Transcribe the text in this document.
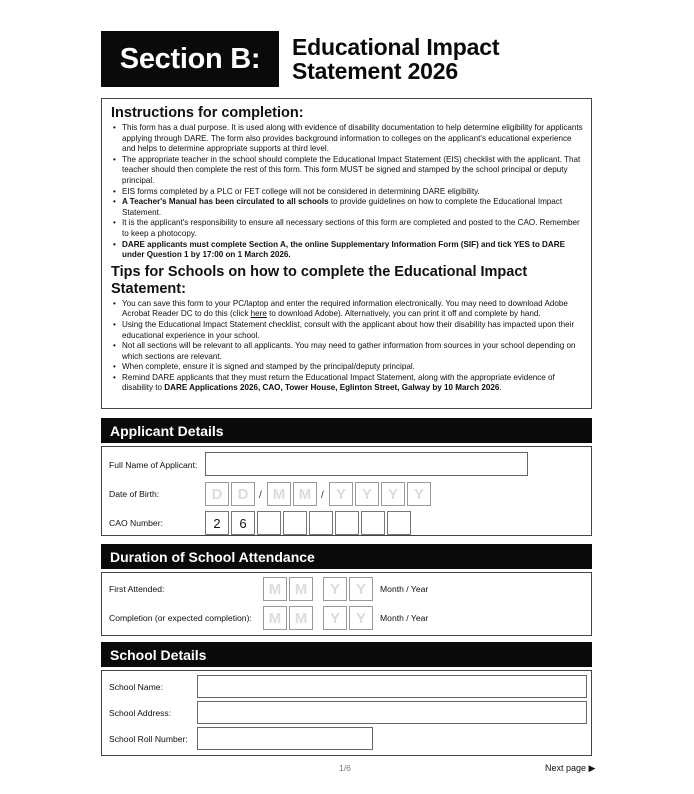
Section B:	Educational Impact
Statement 2026
Instructions for completion:
• This form has a dual purpose. It is used along with evidence of disability documentation to help determine eligibility for applicants applying through DARE. The form also provides background information to colleges on the applicant's educational experience and helps to determine appropriate supports at third level.
• The appropriate teacher in the school should complete the Educational Impact Statement (EIS) checklist with the applicant. That teacher should then complete the rest of this form. This form MUST be signed and stamped by the school principal or deputy principal.
• EIS forms completed by a PLC or FET college will not be considered in determining DARE eligibility.
• A Teacher's Manual has been circulated to all schools to provide guidelines on how to complete the Educational Impact Statement.
• It is the applicant's responsibility to ensure all necessary sections of this form are completed and posted to the CAO. Remember to keep a photocopy.
• DARE applicants must complete Section A, the online Supplementary Information Form (SIF) and tick YES to DARE under Question 1 by 17:00 on 1 March 2026.
Tips for Schools on how to complete the Educational Impact Statement:
• You can save this form to your PC/laptop and enter the required information electronically. You may need to download Adobe Acrobat Reader DC to do this (click here to download Adobe). Alternatively, you can print it off and complete by hand.
• Using the Educational Impact Statement checklist, consult with the applicant about how their disability has impacted upon their educational experience in your school.
• Not all sections will be relevant to all applicants. You may need to gather information from sources in your school depending on which sections are relevant.
• When complete, ensure it is signed and stamped by the principal/deputy principal.
• Remind DARE applicants that they must return the Educational Impact Statement, along with the appropriate evidence of disability to DARE Applications 2026, CAO, Tower House, Eglinton Street, Galway by 10 March 2026.
Applicant Details
Full Name of Applicant:
Date of Birth:	D	D	/ M M / Y	Y	Y	Y
CAO Number:	2	6
Duration of School Attendance
First Attended:	M M	Y	Y	Month / Year
Completion (or expected completion):	M M	Y	Y	Month / Year
School Details
School Name:
School Address:
School Roll Number:
1/6	Next page ▶
